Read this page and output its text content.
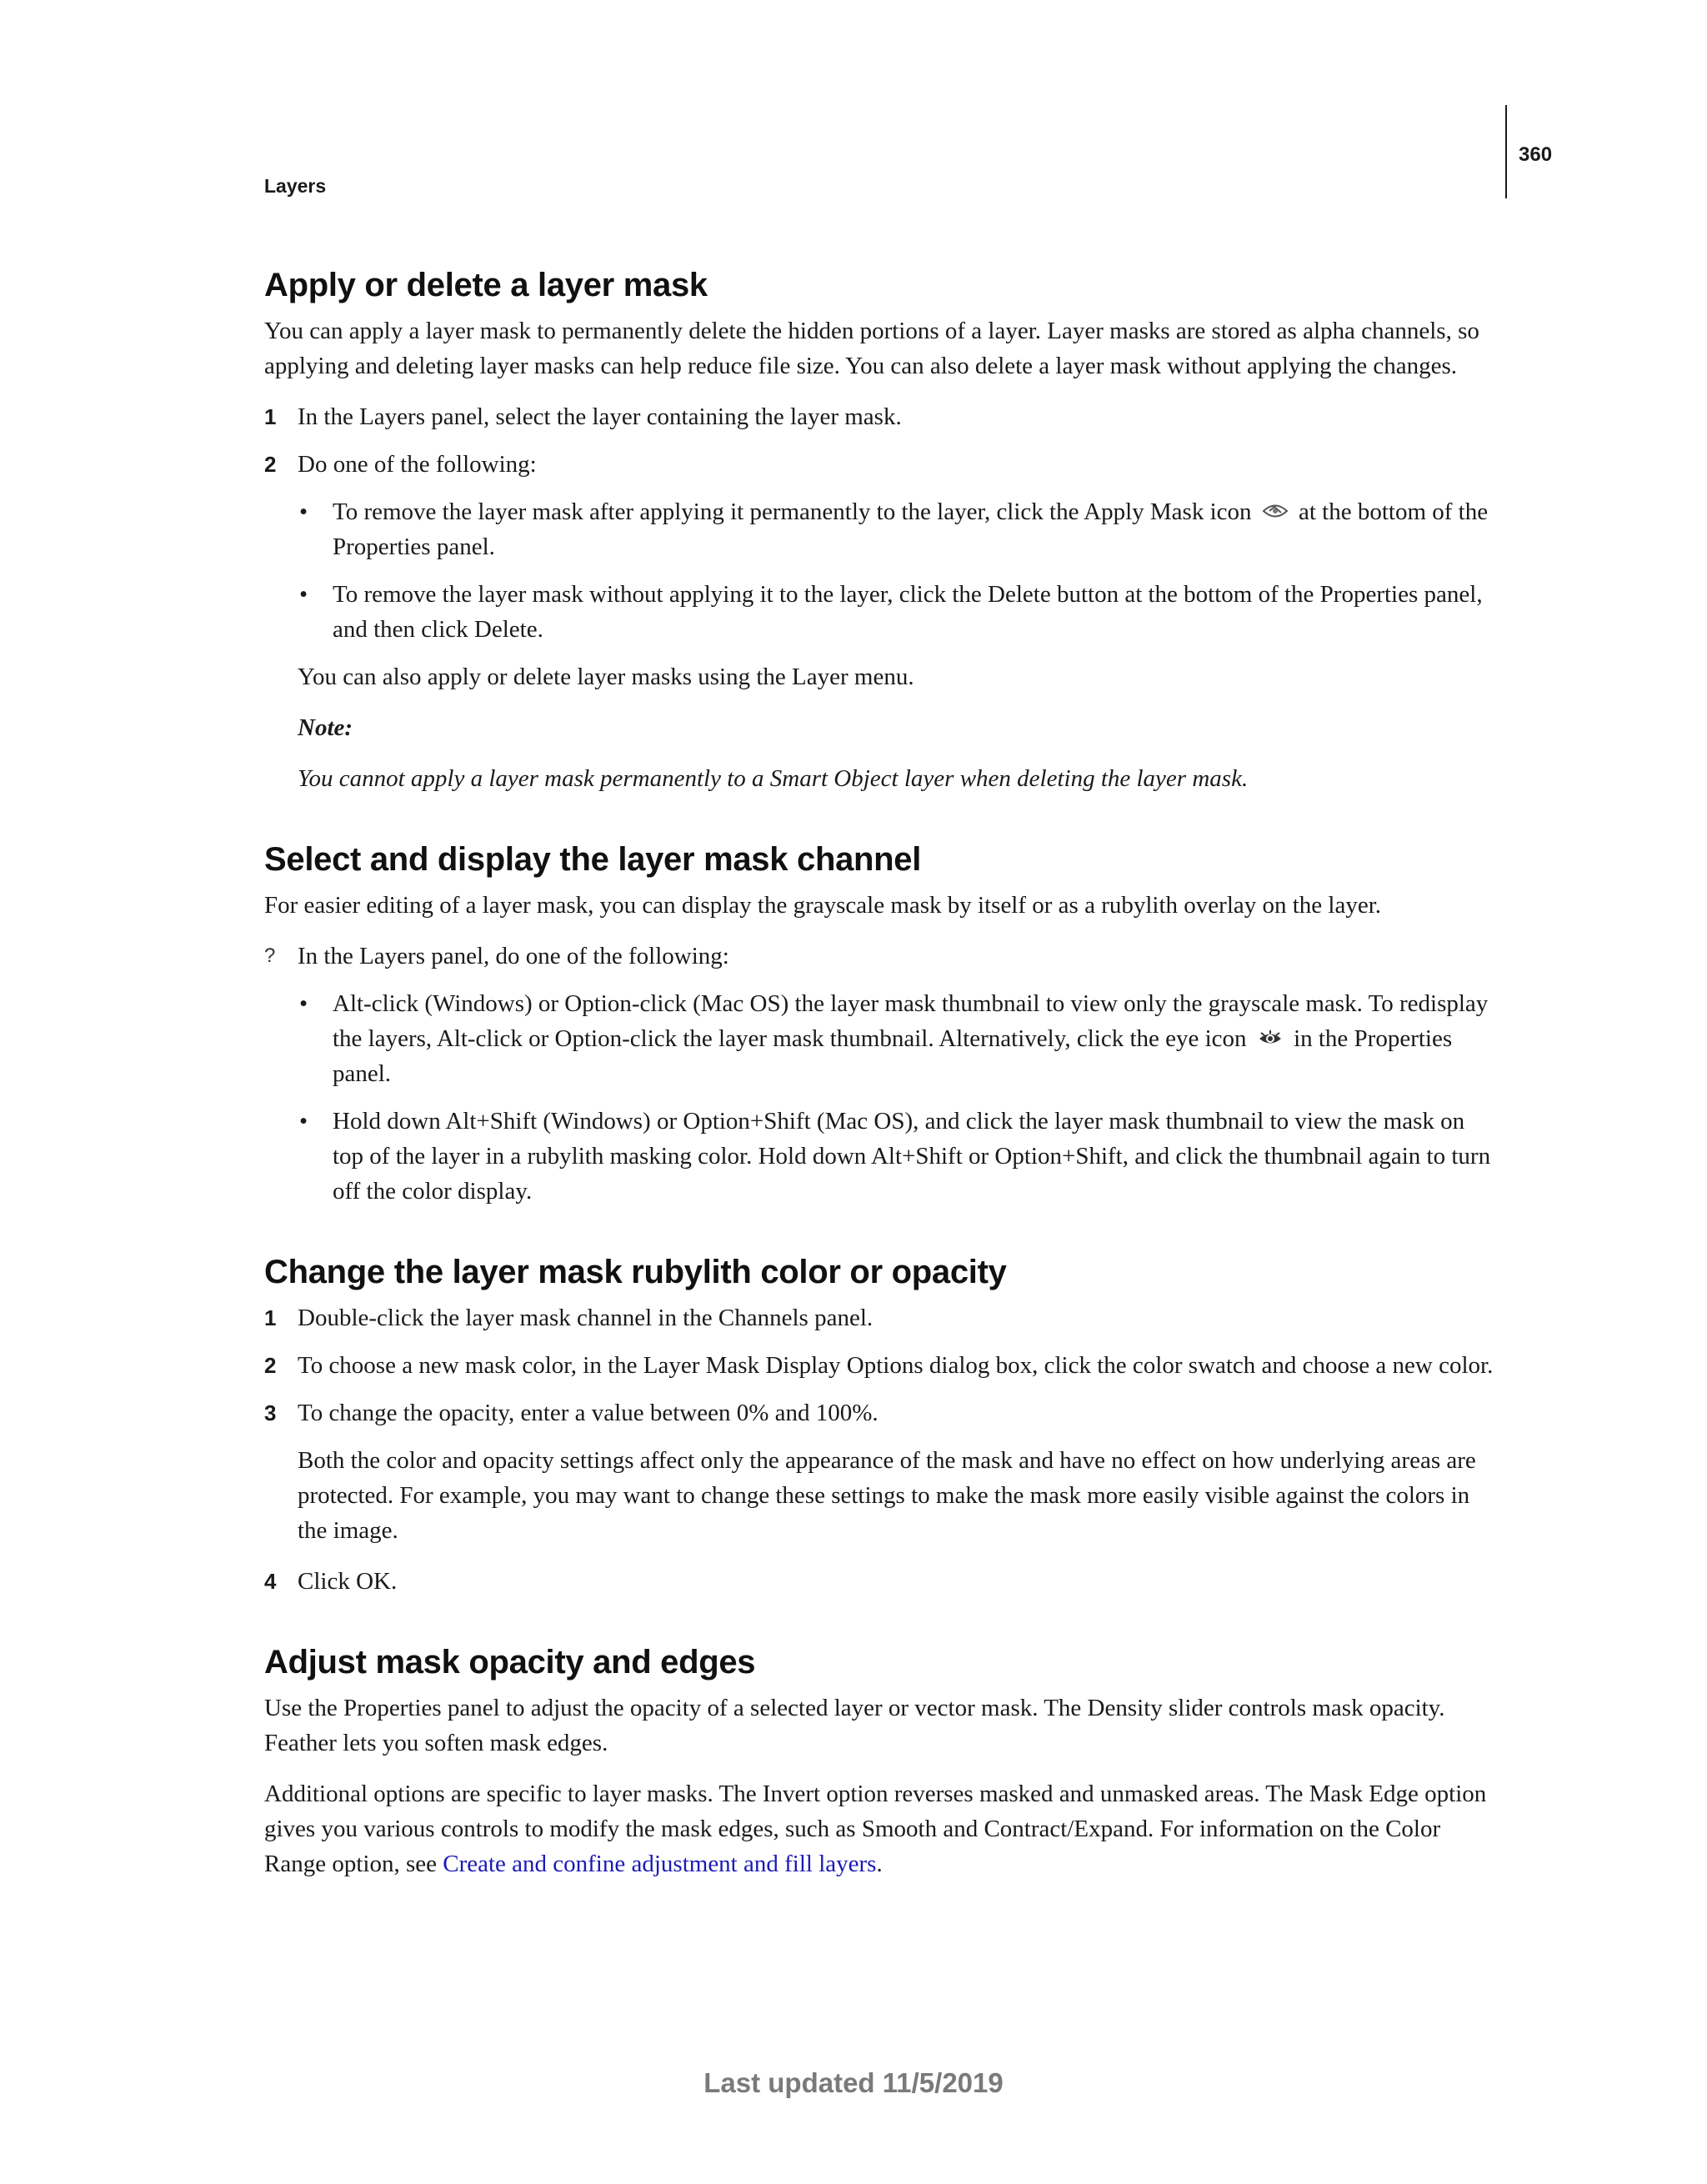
360
Layers
Apply or delete a layer mask

You can apply a layer mask to permanently delete the hidden portions of a layer. Layer masks are stored as alpha channels, so applying and deleting layer masks can help reduce file size. You can also delete a layer mask without applying the changes.

1 In the Layers panel, select the layer containing the layer mask.
2 Do one of the following:
•	To remove the layer mask after applying it permanently to the layer, click the Apply Mask icon at the bottom of the Properties panel.
•	To remove the layer mask without applying it to the layer, click the Delete button at the bottom of the Properties panel, and then click Delete.

You can also apply or delete layer masks using the Layer menu.

Note:

You cannot apply a layer mask permanently to a Smart Object layer when deleting the layer mask.

Select and display the layer mask channel

For easier editing of a layer mask, you can display the grayscale mask by itself or as a rubylith overlay on the layer.

? In the Layers panel, do one of the following:
•	Alt-click (Windows) or Option-click (Mac OS) the layer mask thumbnail to view only the grayscale mask. To redisplay the layers, Alt-click or Option-click the layer mask thumbnail. Alternatively, click the eye icon in the Properties panel.
•	Hold down Alt+Shift (Windows) or Option+Shift (Mac OS), and click the layer mask thumbnail to view the mask on top of the layer in a rubylith masking color. Hold down Alt+Shift or Option+Shift, and click the thumbnail again to turn off the color display.
Change the layer mask rubylith color or opacity
1 Double-click the layer mask channel in the Channels panel.
2 To choose a new mask color, in the Layer Mask Display Options dialog box, click the color swatch and choose a new color.
3 To change the opacity, enter a value between 0% and 100%.

Both the color and opacity settings affect only the appearance of the mask and have no effect on how underlying areas are protected. For example, you may want to change these settings to make the mask more easily visible against the colors in the image.

4 Click OK.
Adjust mask opacity and edges

Use the Properties panel to adjust the opacity of a selected layer or vector mask. The Density slider controls mask opacity. Feather lets you soften mask edges.

Additional options are specific to layer masks. The Invert option reverses masked and unmasked areas. The Mask Edge option gives you various controls to modify the mask edges, such as Smooth and Contract/Expand. For information on the Color Range option, see Create and confine adjustment and fill layers.

Last updated 11/5/2019
